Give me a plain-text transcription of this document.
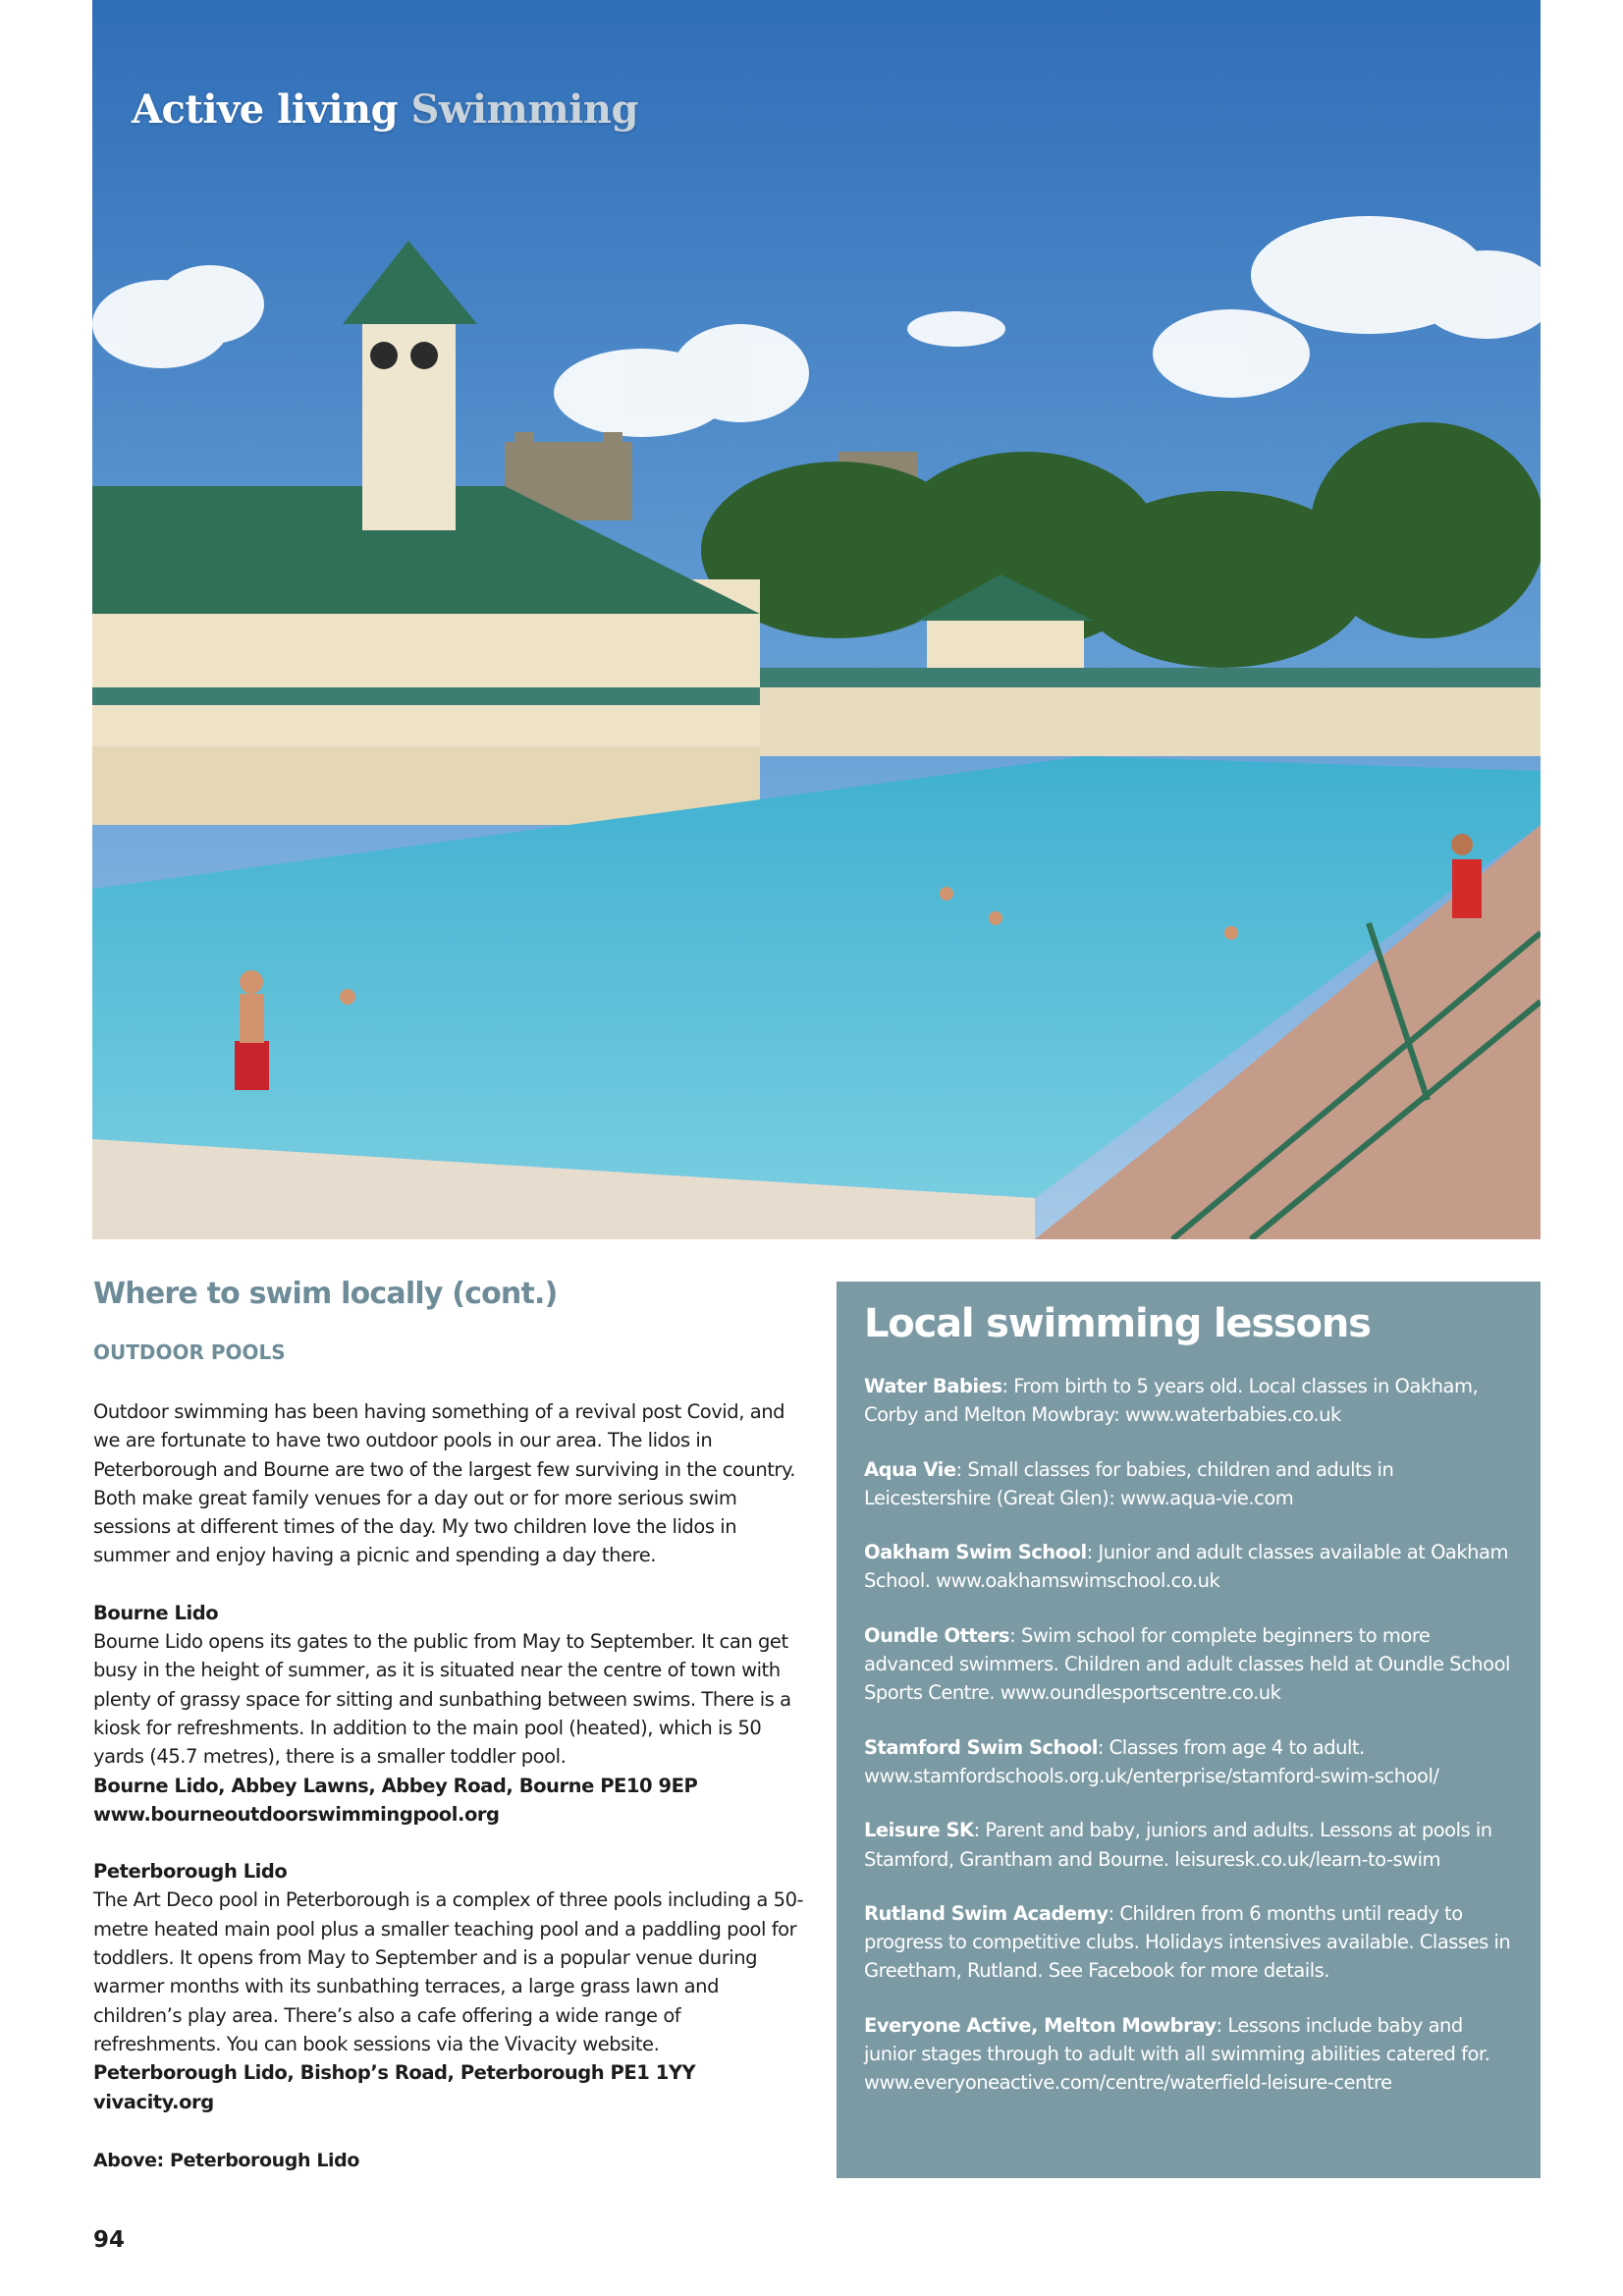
Active living Swimming
Where to swim locally (cont.)
OUTDOOR POOLS

Outdoor swimming has been having something of a revival post Covid, and we are fortunate to have two outdoor pools in our area. The lidos in Peterborough and Bourne are two of the largest few surviving in the country. Both make great family venues for a day out or for more serious swim sessions at different times of the day. My two children love the lidos in summer and enjoy having a picnic and spending a day there.

Bourne Lido

Bourne Lido opens its gates to the public from May to September. It can get busy in the height of summer, as it is situated near the centre of town with plenty of grassy space for sitting and sunbathing between swims. There is a kiosk for refreshments. In addition to the main pool (heated), which is 50 yards (45.7 metres), there is a smaller toddler pool.

Bourne Lido, Abbey Lawns, Abbey Road, Bourne PE10 9EP

www.bourneoutdoorswimmingpool.org

Peterborough Lido

The Art Deco pool in Peterborough is a complex of three pools including a 50-metre heated main pool plus a smaller teaching pool and a paddling pool for toddlers. It opens from May to September and is a popular venue during warmer months with its sunbathing terraces, a large grass lawn and children’s play area. There’s also a cafe offering a wide range of refreshments. You can book sessions via the Vivacity website.

Peterborough Lido, Bishop’s Road, Peterborough PE1 1YY

vivacity.org

Above: Peterborough Lido
Local swimming lessons

Water Babies: From birth to 5 years old. Local classes in Oakham, Corby and Melton Mowbray: www.waterbabies.co.uk

Aqua Vie: Small classes for babies, children and adults in Leicestershire (Great Glen): www.aqua-vie.com

Oakham Swim School: Junior and adult classes available at Oakham School. www.oakhamswimschool.co.uk

Oundle Otters: Swim school for complete beginners to more advanced swimmers. Children and adult classes held at Oundle School Sports Centre. www.oundlesportscentre.co.uk

Stamford Swim School: Classes from age 4 to adult. www.stamfordschools.org.uk/enterprise/stamford-swim-school/

Leisure SK: Parent and baby, juniors and adults. Lessons at pools in Stamford, Grantham and Bourne. leisuresk.co.uk/learn-to-swim

Rutland Swim Academy: Children from 6 months until ready to progress to competitive clubs. Holidays intensives available. Classes in Greetham, Rutland. See Facebook for more details.

Everyone Active, Melton Mowbray: Lessons include baby and junior stages through to adult with all swimming abilities catered for. www.everyoneactive.com/centre/waterfield-leisure-centre

94
